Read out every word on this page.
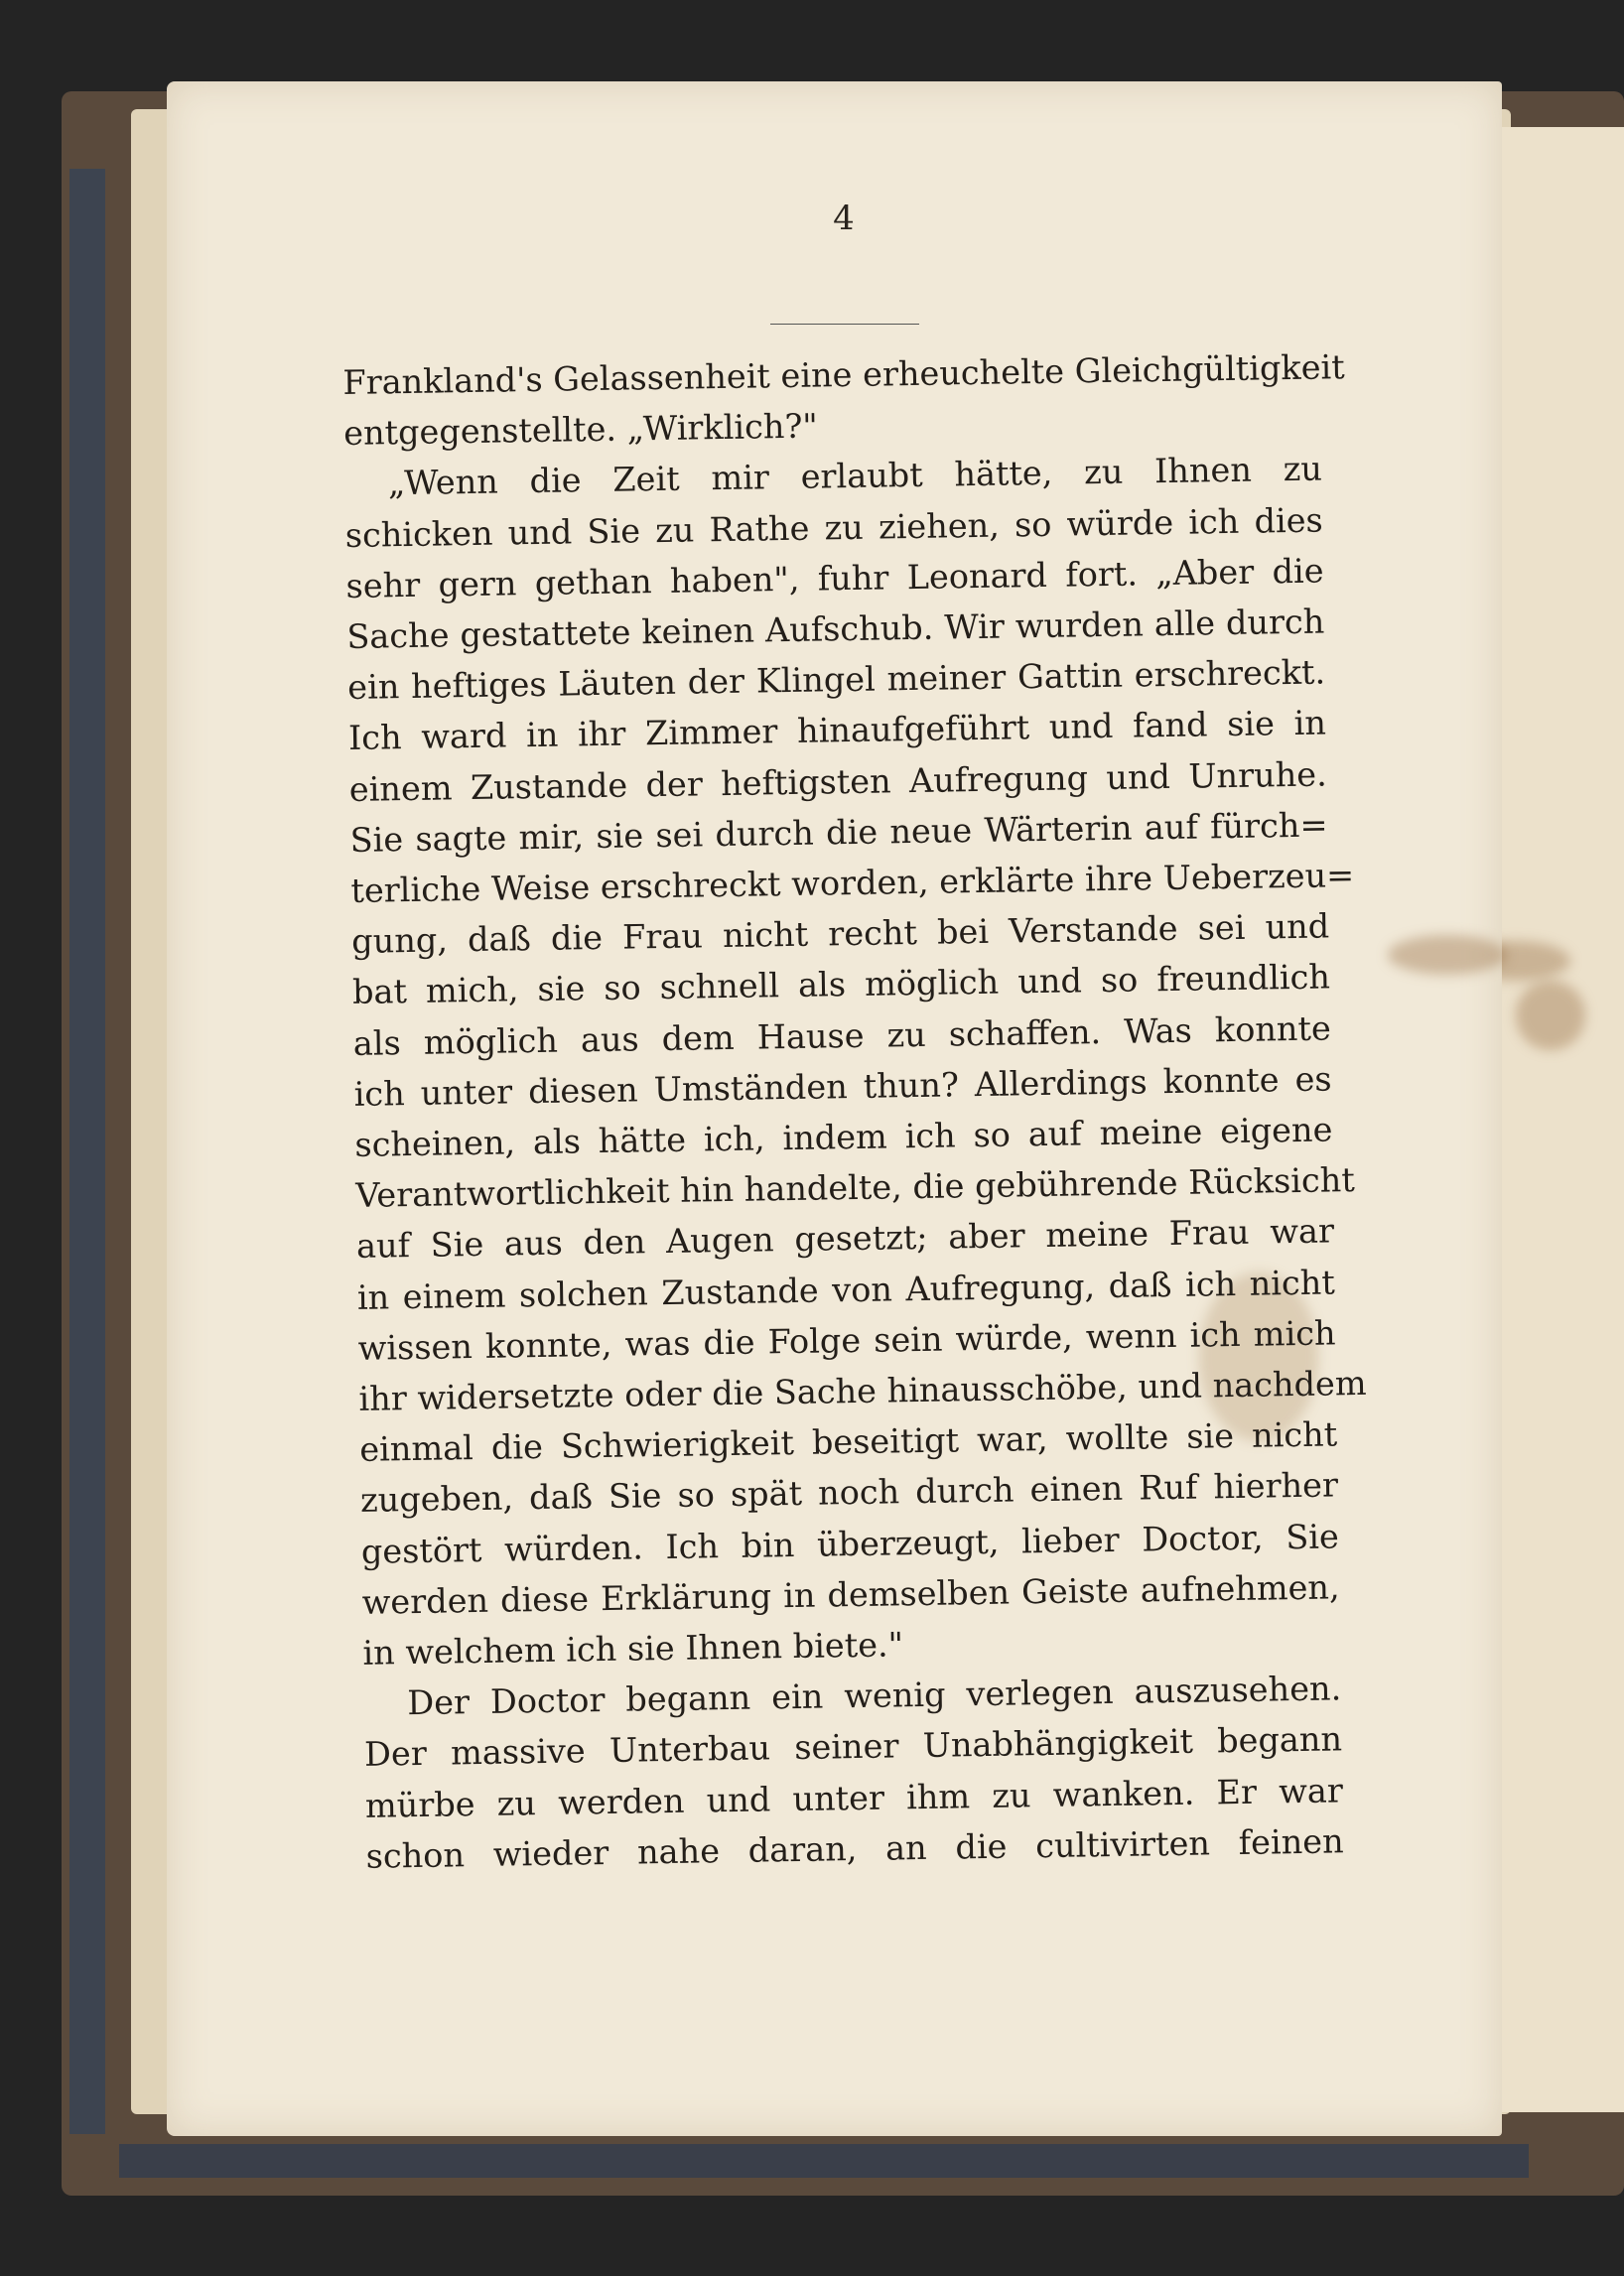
4

Frankland's Gelassenheit eine erheuchelte Gleichgültigkeit

entgegenstellte. „Wirklich?"

„Wenn die Zeit mir erlaubt hätte, zu Ihnen zu

schicken und Sie zu Rathe zu ziehen, so würde ich dies

sehr gern gethan haben", fuhr Leonard fort. „Aber die

Sache gestattete keinen Aufschub. Wir wurden alle durch

ein heftiges Läuten der Klingel meiner Gattin erschreckt.

Ich ward in ihr Zimmer hinaufgeführt und fand sie in

einem Zustande der heftigsten Aufregung und Unruhe.

Sie sagte mir, sie sei durch die neue Wärterin auf fürch=

terliche Weise erschreckt worden, erklärte ihre Ueberzeu=

gung, daß die Frau nicht recht bei Verstande sei und

bat mich, sie so schnell als möglich und so freundlich

als möglich aus dem Hause zu schaffen. Was konnte

ich unter diesen Umständen thun? Allerdings konnte es

scheinen, als hätte ich, indem ich so auf meine eigene

Verantwortlichkeit hin handelte, die gebührende Rücksicht

auf Sie aus den Augen gesetzt; aber meine Frau war

in einem solchen Zustande von Aufregung, daß ich nicht

wissen konnte, was die Folge sein würde, wenn ich mich

ihr widersetzte oder die Sache hinausschöbe, und nachdem

einmal die Schwierigkeit beseitigt war, wollte sie nicht

zugeben, daß Sie so spät noch durch einen Ruf hierher

gestört würden. Ich bin überzeugt, lieber Doctor, Sie

werden diese Erklärung in demselben Geiste aufnehmen,

in welchem ich sie Ihnen biete."

Der Doctor begann ein wenig verlegen auszusehen.

Der massive Unterbau seiner Unabhängigkeit begann

mürbe zu werden und unter ihm zu wanken. Er war

schon wieder nahe daran, an die cultivirten feinen
